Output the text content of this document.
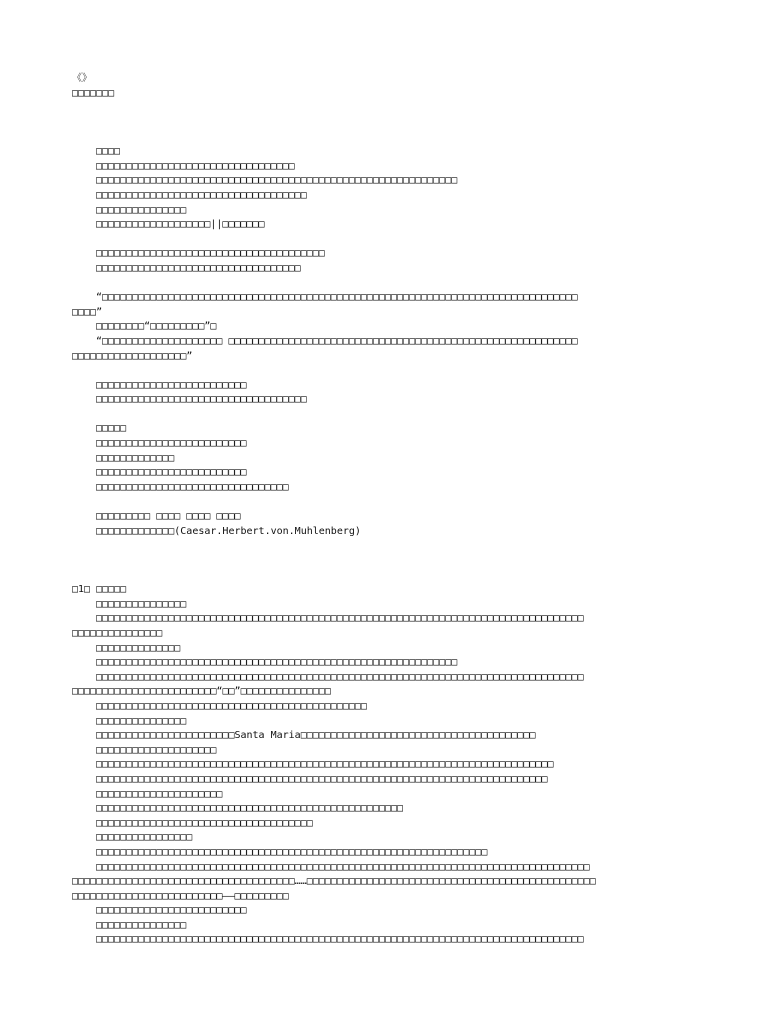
《》
□□□□□□□
□□□□
□□□□□□□□□□□□□□□□□□□□□□□□□□□□□□□□□
□□□□□□□□□□□□□□□□□□□□□□□□□□□□□□□□□□□□□□□□□□□□□□□□□□□□□□□□□□□□
□□□□□□□□□□□□□□□□□□□□□□□□□□□□□□□□□□□
□□□□□□□□□□□□□□□
□□□□□□□□□□□□□□□□□□□||□□□□□□□
□□□□□□□□□□□□□□□□□□□□□□□□□□□□□□□□□□□□□□
□□□□□□□□□□□□□□□□□□□□□□□□□□□□□□□□□□
“□□□□□□□□□□□□□□□□□□□□□□□□□□□□□□□□□□□□□□□□□□□□□□□□□□□□□□□□□□□□□□□□□□□□□□□□□□□□□□□
□□□□”
□□□□□□□□“□□□□□□□□□”□
“□□□□□□□□□□□□□□□□□□□□ □□□□□□□□□□□□□□□□□□□□□□□□□□□□□□□□□□□□□□□□□□□□□□□□□□□□□□□□□□
□□□□□□□□□□□□□□□□□□□”
□□□□□□□□□□□□□□□□□□□□□□□□□
□□□□□□□□□□□□□□□□□□□□□□□□□□□□□□□□□□□
□□□□□
□□□□□□□□□□□□□□□□□□□□□□□□□
□□□□□□□□□□□□□
□□□□□□□□□□□□□□□□□□□□□□□□□
□□□□□□□□□□□□□□□□□□□□□□□□□□□□□□□□
□□□□□□□□□ □□□□ □□□□ □□□□
□□□□□□□□□□□□□(Caesar.Herbert.von.Muhlenberg)
□1□ □□□□□
□□□□□□□□□□□□□□□
□□□□□□□□□□□□□□□□□□□□□□□□□□□□□□□□□□□□□□□□□□□□□□□□□□□□□□□□□□□□□□□□□□□□□□□□□□□□□□□□□
□□□□□□□□□□□□□□□
□□□□□□□□□□□□□□
□□□□□□□□□□□□□□□□□□□□□□□□□□□□□□□□□□□□□□□□□□□□□□□□□□□□□□□□□□□□
□□□□□□□□□□□□□□□□□□□□□□□□□□□□□□□□□□□□□□□□□□□□□□□□□□□□□□□□□□□□□□□□□□□□□□□□□□□□□□□□□
□□□□□□□□□□□□□□□□□□□□□□□□“□□”□□□□□□□□□□□□□□□
□□□□□□□□□□□□□□□□□□□□□□□□□□□□□□□□□□□□□□□□□□□□□
□□□□□□□□□□□□□□□
□□□□□□□□□□□□□□□□□□□□□□□Santa Maria□□□□□□□□□□□□□□□□□□□□□□□□□□□□□□□□□□□□□□□
□□□□□□□□□□□□□□□□□□□□
□□□□□□□□□□□□□□□□□□□□□□□□□□□□□□□□□□□□□□□□□□□□□□□□□□□□□□□□□□□□□□□□□□□□□□□□□□□□
□□□□□□□□□□□□□□□□□□□□□□□□□□□□□□□□□□□□□□□□□□□□□□□□□□□□□□□□□□□□□□□□□□□□□□□□□□□
□□□□□□□□□□□□□□□□□□□□□
□□□□□□□□□□□□□□□□□□□□□□□□□□□□□□□□□□□□□□□□□□□□□□□□□□□
□□□□□□□□□□□□□□□□□□□□□□□□□□□□□□□□□□□□
□□□□□□□□□□□□□□□□
□□□□□□□□□□□□□□□□□□□□□□□□□□□□□□□□□□□□□□□□□□□□□□□□□□□□□□□□□□□□□□□□□
□□□□□□□□□□□□□□□□□□□□□□□□□□□□□□□□□□□□□□□□□□□□□□□□□□□□□□□□□□□□□□□□□□□□□□□□□□□□□□□□□□
□□□□□□□□□□□□□□□□□□□□□□□□□□□□□□□□□□□□□……□□□□□□□□□□□□□□□□□□□□□□□□□□□□□□□□□□□□□□□□□□□□□□□□
□□□□□□□□□□□□□□□□□□□□□□□□□——□□□□□□□□□
□□□□□□□□□□□□□□□□□□□□□□□□□
□□□□□□□□□□□□□□□
□□□□□□□□□□□□□□□□□□□□□□□□□□□□□□□□□□□□□□□□□□□□□□□□□□□□□□□□□□□□□□□□□□□□□□□□□□□□□□□□□
